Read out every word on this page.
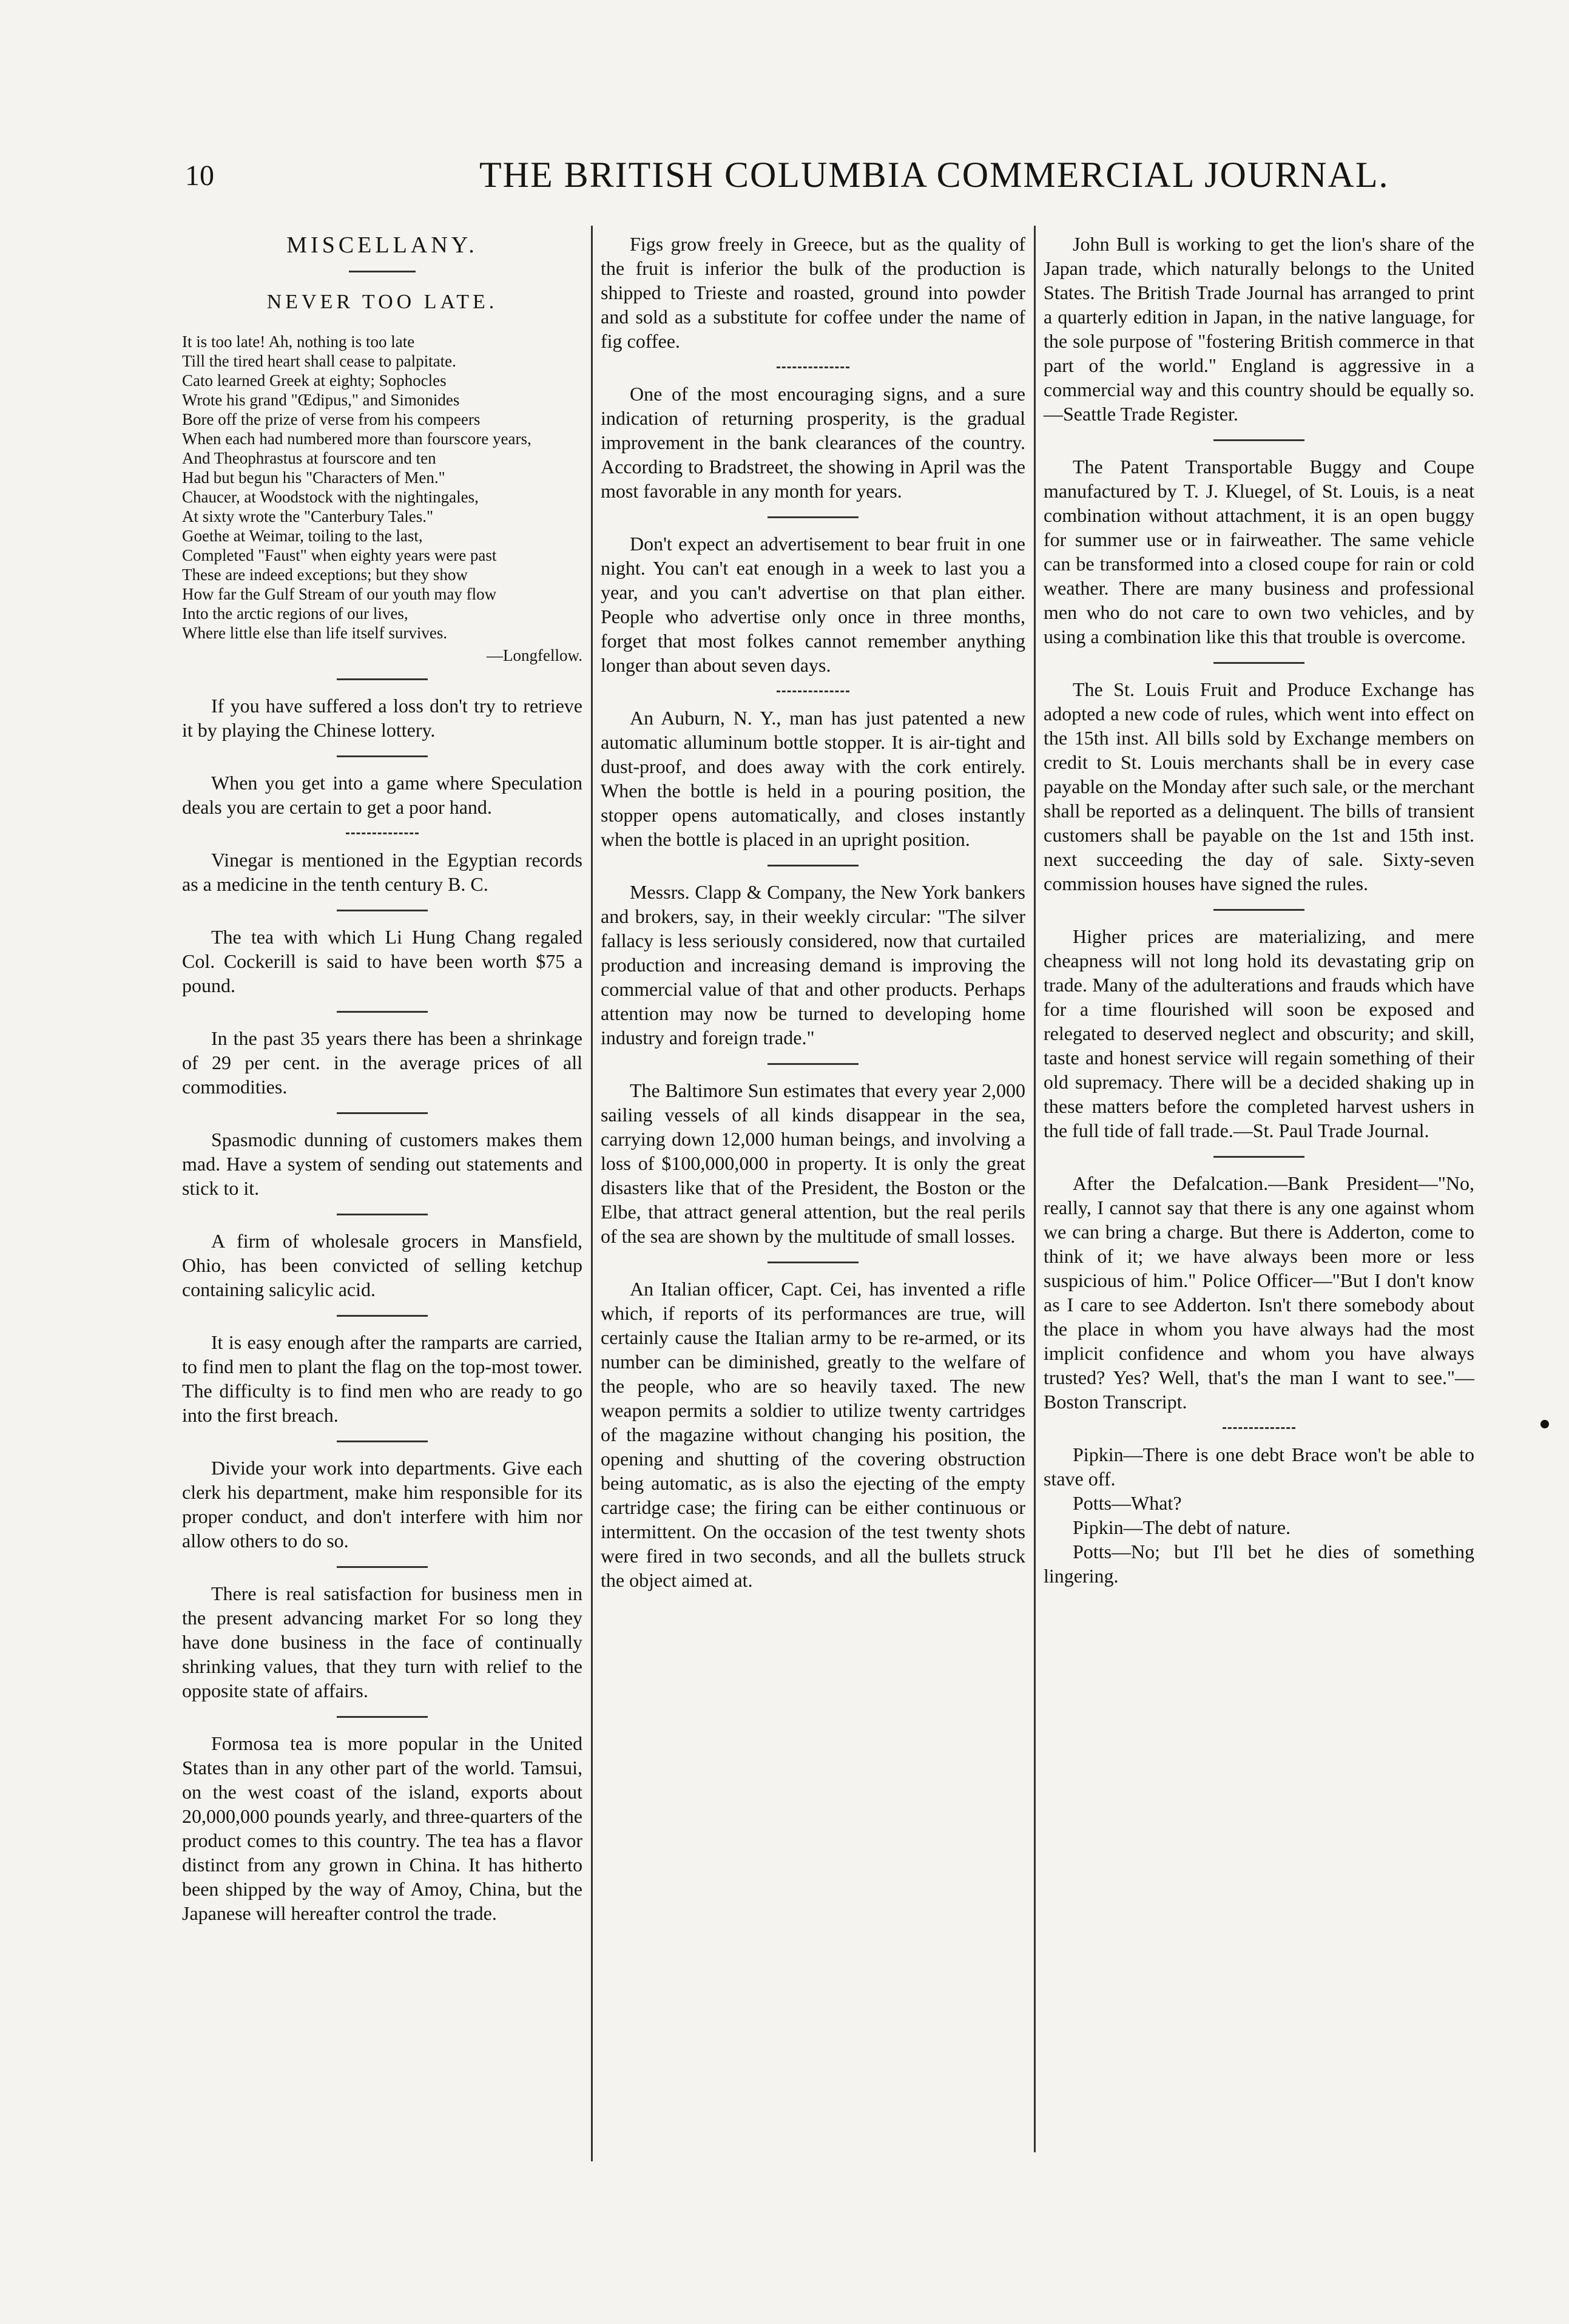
10	THE BRITISH COLUMBIA COMMERCIAL JOURNAL.
MISCELLANY.
NEVER TOO LATE.

It is too late! Ah, nothing is too late

Till the tired heart shall cease to palpitate.

Cato learned Greek at eighty; Sophocles

Wrote his grand "Œdipus," and Simonides

Bore off the prize of verse from his compeers

When each had numbered more than fourscore years,

And Theophrastus at fourscore and ten

Had but begun his "Characters of Men."

Chaucer, at Woodstock with the nightingales,

At sixty wrote the "Canterbury Tales."

Goethe at Weimar, toiling to the last,

Completed "Faust" when eighty years were past

These are indeed exceptions; but they show

How far the Gulf Stream of our youth may flow

Into the arctic regions of our lives,

Where little else than life itself survives.

—Longfellow.

If you have suffered a loss don't try to retrieve it by playing the Chinese lottery.

When you get into a game where Speculation deals you are certain to get a poor hand.

Vinegar is mentioned in the Egyptian records as a medicine in the tenth century B. C.

The tea with which Li Hung Chang regaled Col. Cockerill is said to have been worth $75 a pound.

In the past 35 years there has been a shrinkage of 29 per cent. in the average prices of all commodities.

Spasmodic dunning of customers makes them mad. Have a system of sending out statements and stick to it.

A firm of wholesale grocers in Mansfield, Ohio, has been convicted of selling ketchup containing salicylic acid.

It is easy enough after the ramparts are carried, to find men to plant the flag on the top-most tower. The difficulty is to find men who are ready to go into the first breach.

Divide your work into departments. Give each clerk his department, make him responsible for its proper conduct, and don't interfere with him nor allow others to do so.

There is real satisfaction for business men in the present advancing market For so long they have done business in the face of continually shrinking values, that they turn with relief to the opposite state of affairs.

Formosa tea is more popular in the United States than in any other part of the world. Tamsui, on the west coast of the island, exports about 20,000,000 pounds yearly, and three-quarters of the product comes to this country. The tea has a flavor distinct from any grown in China. It has hitherto been shipped by the way of Amoy, China, but the Japanese will hereafter control the trade.

Figs grow freely in Greece, but as the quality of the fruit is inferior the bulk of the production is shipped to Trieste and roasted, ground into powder and sold as a substitute for coffee under the name of fig coffee.

One of the most encouraging signs, and a sure indication of returning prosperity, is the gradual improvement in the bank clearances of the country. According to Bradstreet, the showing in April was the most favorable in any month for years.

Don't expect an advertisement to bear fruit in one night. You can't eat enough in a week to last you a year, and you can't advertise on that plan either. People who advertise only once in three months, forget that most folkes cannot remember anything longer than about seven days.

An Auburn, N. Y., man has just patented a new automatic alluminum bottle stopper. It is air-tight and dust-proof, and does away with the cork entirely. When the bottle is held in a pouring position, the stopper opens automatically, and closes instantly when the bottle is placed in an upright position.

Messrs. Clapp & Company, the New York bankers and brokers, say, in their weekly circular: "The silver fallacy is less seriously considered, now that curtailed production and increasing demand is improving the commercial value of that and other products. Perhaps attention may now be turned to developing home industry and foreign trade."

The Baltimore Sun estimates that every year 2,000 sailing vessels of all kinds disappear in the sea, carrying down 12,000 human beings, and involving a loss of $100,000,000 in property. It is only the great disasters like that of the President, the Boston or the Elbe, that attract general attention, but the real perils of the sea are shown by the multitude of small losses.

An Italian officer, Capt. Cei, has invented a rifle which, if reports of its performances are true, will certainly cause the Italian army to be re-armed, or its number can be diminished, greatly to the welfare of the people, who are so heavily taxed. The new weapon permits a soldier to utilize twenty cartridges of the magazine without changing his position, the opening and shutting of the covering obstruction being automatic, as is also the ejecting of the empty cartridge case; the firing can be either continuous or intermittent. On the occasion of the test twenty shots were fired in two seconds, and all the bullets struck the object aimed at.

John Bull is working to get the lion's share of the Japan trade, which naturally belongs to the United States. The British Trade Journal has arranged to print a quarterly edition in Japan, in the native language, for the sole purpose of "fostering British commerce in that part of the world." England is aggressive in a commercial way and this country should be equally so.—Seattle Trade Register.

The Patent Transportable Buggy and Coupe manufactured by T. J. Kluegel, of St. Louis, is a neat combination without attachment, it is an open buggy for summer use or in fairweather. The same vehicle can be transformed into a closed coupe for rain or cold weather. There are many business and professional men who do not care to own two vehicles, and by using a combination like this that trouble is overcome.

The St. Louis Fruit and Produce Exchange has adopted a new code of rules, which went into effect on the 15th inst. All bills sold by Exchange members on credit to St. Louis merchants shall be in every case payable on the Monday after such sale, or the merchant shall be reported as a delinquent. The bills of transient customers shall be payable on the 1st and 15th inst. next succeeding the day of sale. Sixty-seven commission houses have signed the rules.

Higher prices are materializing, and mere cheapness will not long hold its devastating grip on trade. Many of the adulterations and frauds which have for a time flourished will soon be exposed and relegated to deserved neglect and obscurity; and skill, taste and honest service will regain something of their old supremacy. There will be a decided shaking up in these matters before the completed harvest ushers in the full tide of fall trade.—St. Paul Trade Journal.

After the Defalcation.—Bank President—"No, really, I cannot say that there is any one against whom we can bring a charge. But there is Adderton, come to think of it; we have always been more or less suspicious of him." Police Officer—"But I don't know as I care to see Adderton. Isn't there somebody about the place in whom you have always had the most implicit confidence and whom you have always trusted? Yes? Well, that's the man I want to see."—Boston Transcript.

Pipkin—There is one debt Brace won't be able to stave off.

Potts—What?

Pipkin—The debt of nature.

Potts—No; but I'll bet he dies of something lingering.
